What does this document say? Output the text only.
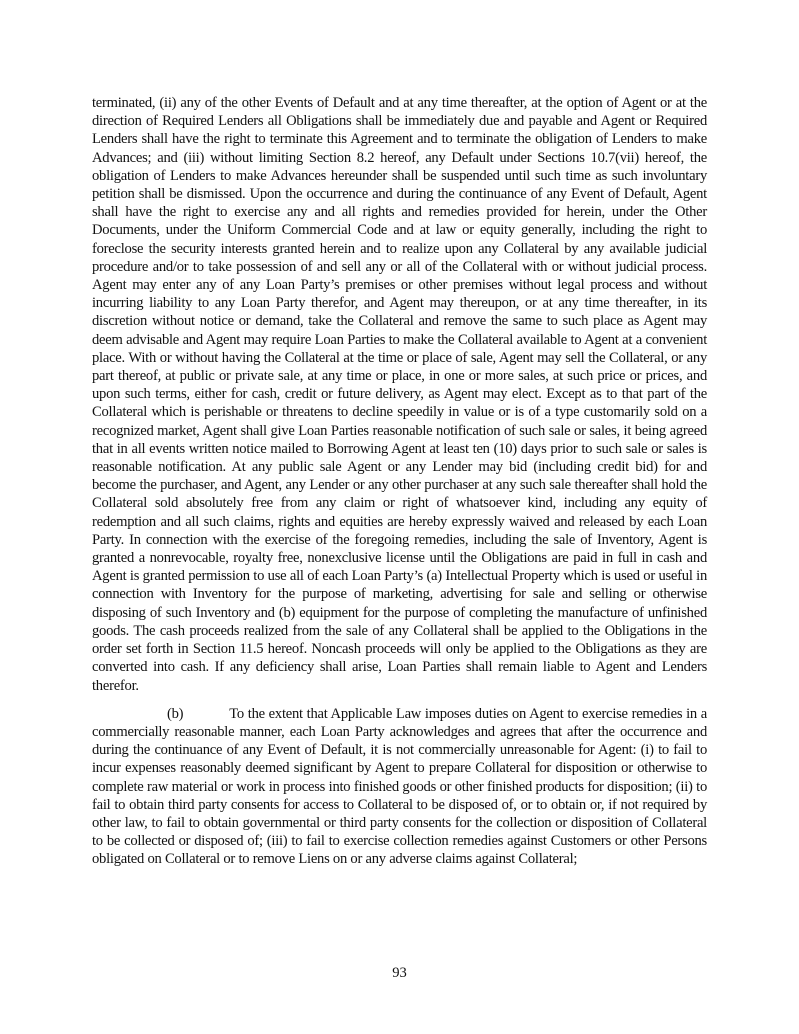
terminated, (ii) any of the other Events of Default and at any time thereafter, at the option of Agent or at the direction of Required Lenders all Obligations shall be immediately due and payable and Agent or Required Lenders shall have the right to terminate this Agreement and to terminate the obligation of Lenders to make Advances; and (iii) without limiting Section 8.2 hereof, any Default under Sections 10.7(vii) hereof, the obligation of Lenders to make Advances hereunder shall be suspended until such time as such involuntary petition shall be dismissed. Upon the occurrence and during the continuance of any Event of Default, Agent shall have the right to exercise any and all rights and remedies provided for herein, under the Other Documents, under the Uniform Commercial Code and at law or equity generally, including the right to foreclose the security interests granted herein and to realize upon any Collateral by any available judicial procedure and/or to take possession of and sell any or all of the Collateral with or without judicial process. Agent may enter any of any Loan Party’s premises or other premises without legal process and without incurring liability to any Loan Party therefor, and Agent may thereupon, or at any time thereafter, in its discretion without notice or demand, take the Collateral and remove the same to such place as Agent may deem advisable and Agent may require Loan Parties to make the Collateral available to Agent at a convenient place. With or without having the Collateral at the time or place of sale, Agent may sell the Collateral, or any part thereof, at public or private sale, at any time or place, in one or more sales, at such price or prices, and upon such terms, either for cash, credit or future delivery, as Agent may elect. Except as to that part of the Collateral which is perishable or threatens to decline speedily in value or is of a type customarily sold on a recognized market, Agent shall give Loan Parties reasonable notification of such sale or sales, it being agreed that in all events written notice mailed to Borrowing Agent at least ten (10) days prior to such sale or sales is reasonable notification. At any public sale Agent or any Lender may bid (including credit bid) for and become the purchaser, and Agent, any Lender or any other purchaser at any such sale thereafter shall hold the Collateral sold absolutely free from any claim or right of whatsoever kind, including any equity of redemption and all such claims, rights and equities are hereby expressly waived and released by each Loan Party. In connection with the exercise of the foregoing remedies, including the sale of Inventory, Agent is granted a nonrevocable, royalty free, nonexclusive license until the Obligations are paid in full in cash and Agent is granted permission to use all of each Loan Party’s (a) Intellectual Property which is used or useful in connection with Inventory for the purpose of marketing, advertising for sale and selling or otherwise disposing of such Inventory and (b) equipment for the purpose of completing the manufacture of unfinished goods. The cash proceeds realized from the sale of any Collateral shall be applied to the Obligations in the order set forth in Section 11.5 hereof. Noncash proceeds will only be applied to the Obligations as they are converted into cash. If any deficiency shall arise, Loan Parties shall remain liable to Agent and Lenders therefor.

(b)	To the extent that Applicable Law imposes duties on Agent to exercise remedies in a commercially reasonable manner, each Loan Party acknowledges and agrees that after the occurrence and during the continuance of any Event of Default, it is not commercially unreasonable for Agent: (i) to fail to incur expenses reasonably deemed significant by Agent to prepare Collateral for disposition or otherwise to complete raw material or work in process into finished goods or other finished products for disposition; (ii) to fail to obtain third party consents for access to Collateral to be disposed of, or to obtain or, if not required by other law, to fail to obtain governmental or third party consents for the collection or disposition of Collateral to be collected or disposed of; (iii) to fail to exercise collection remedies against Customers or other Persons obligated on Collateral or to remove Liens on or any adverse claims against Collateral;

93
